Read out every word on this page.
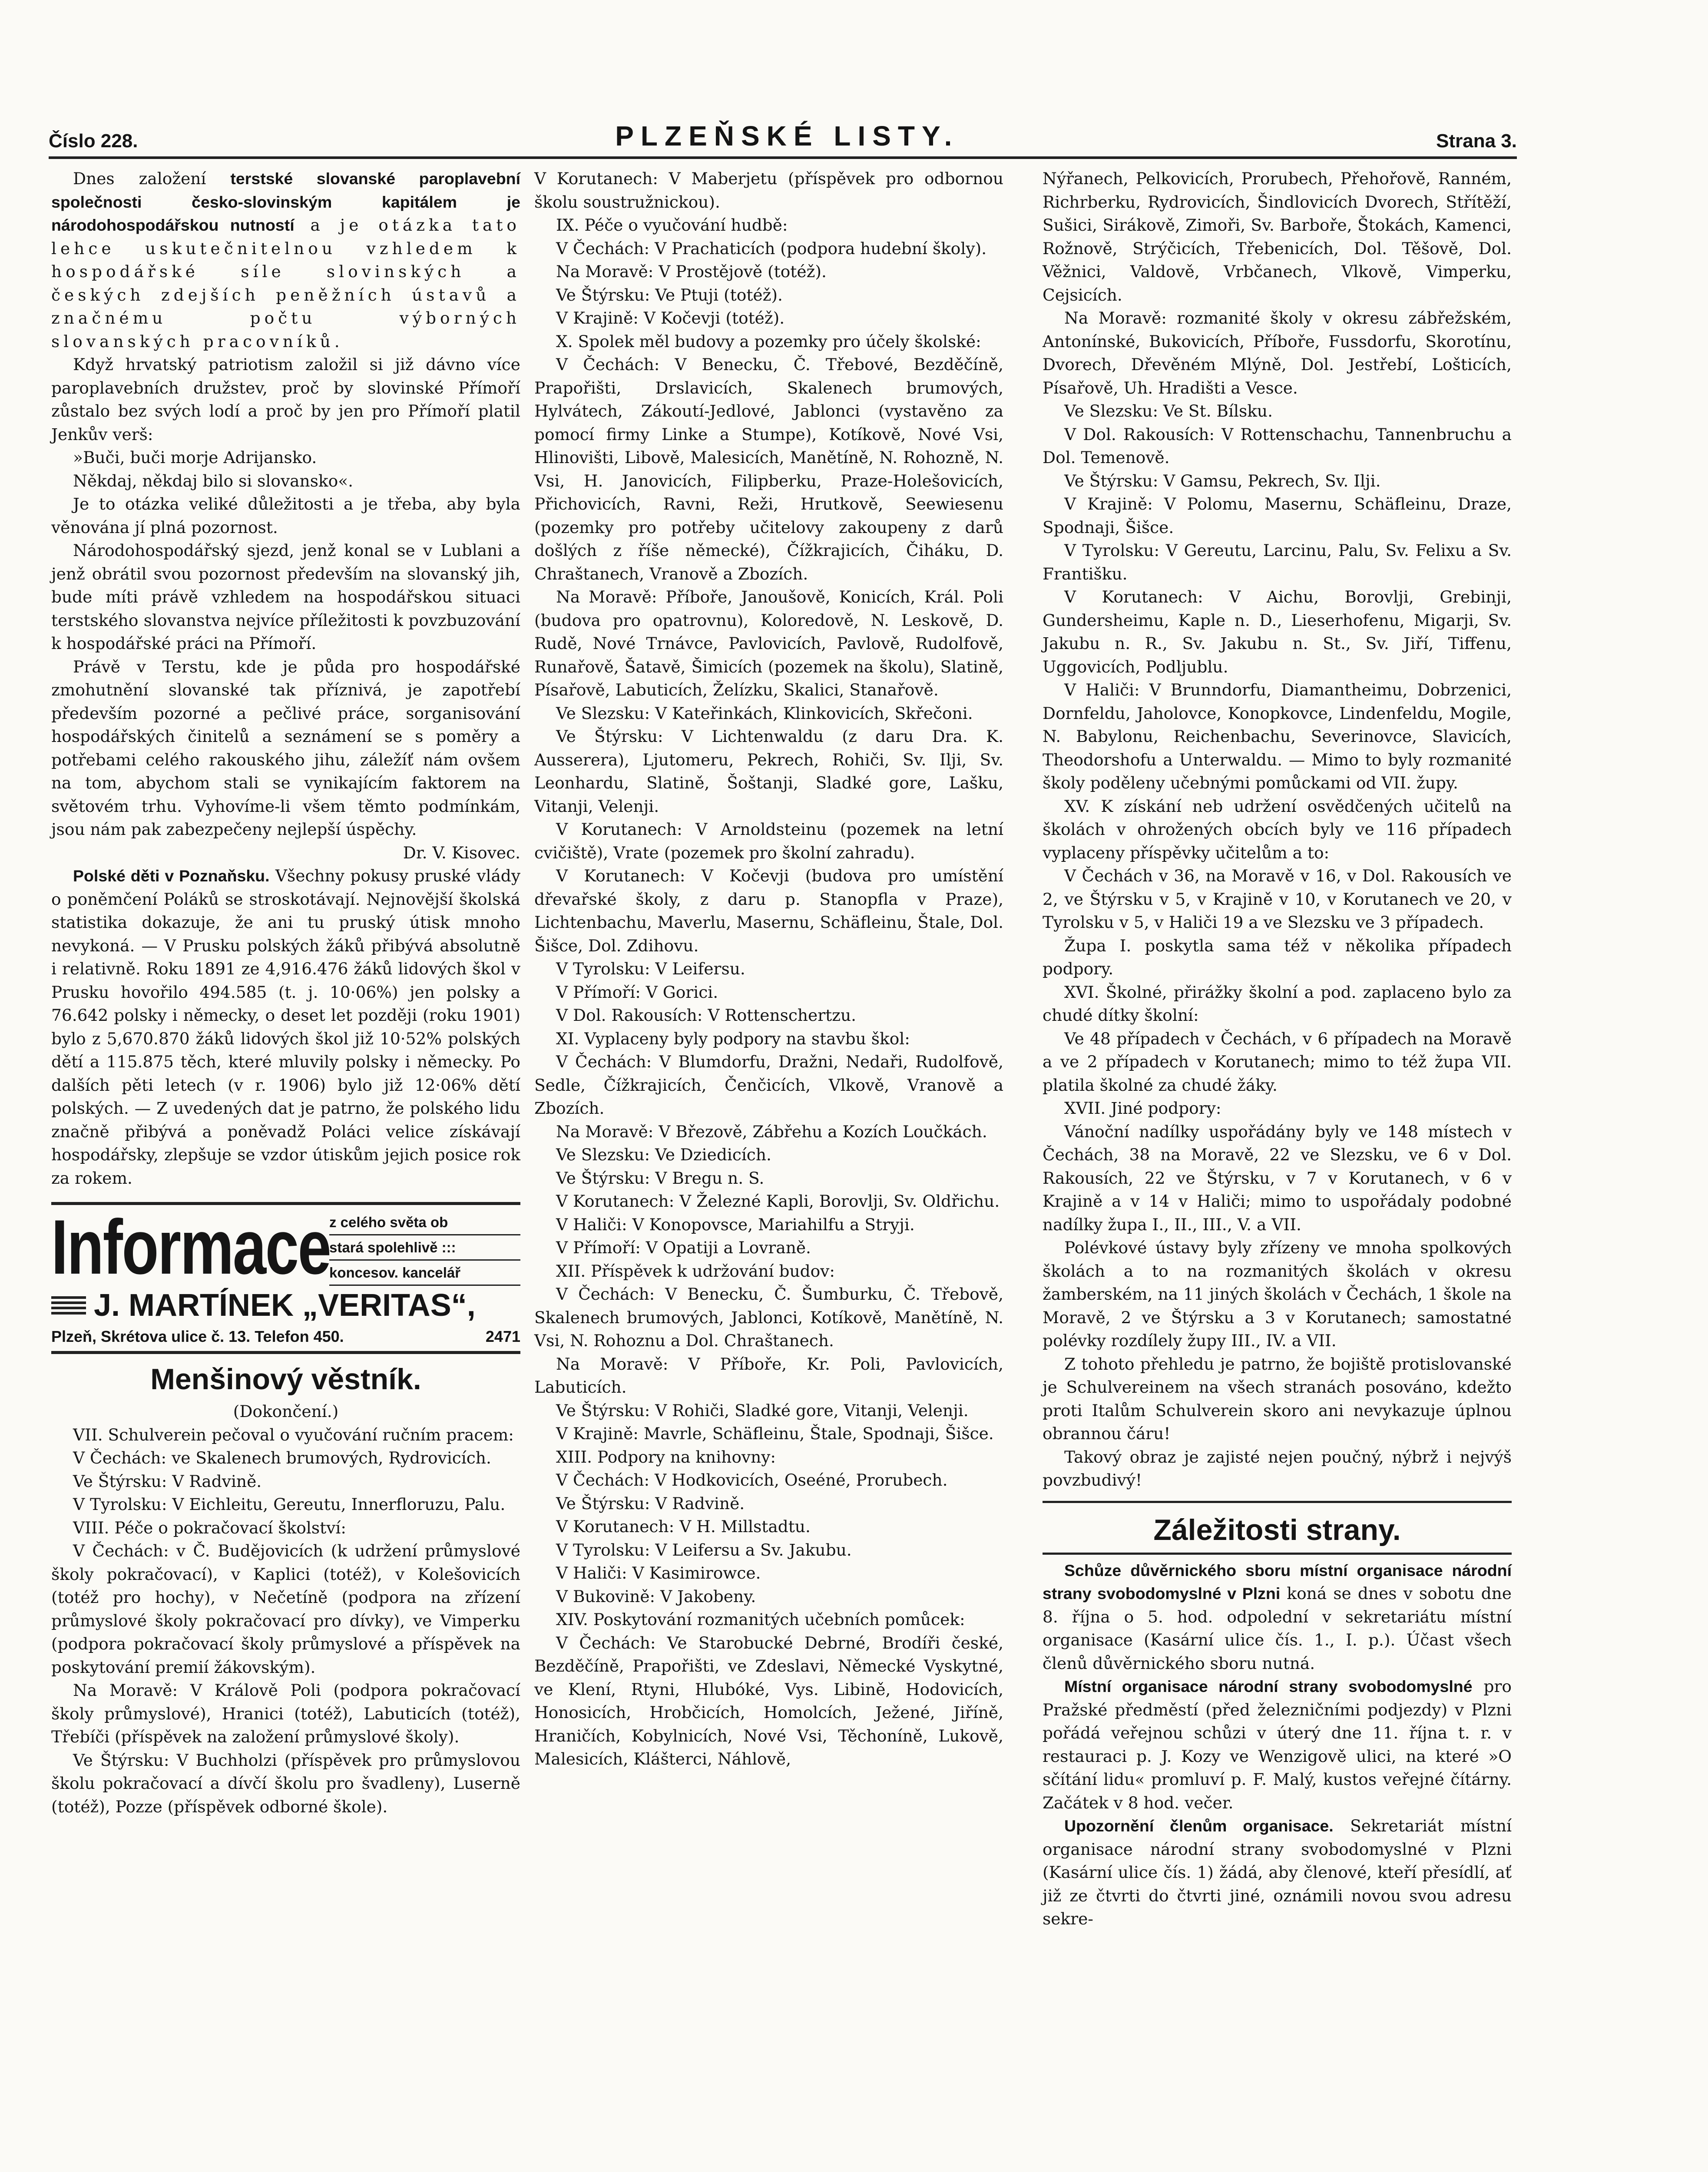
Číslo 228.	PLZEŇSKÉ LISTY.	Strana 3.

Dnes založení terstské slovanské paroplavební společnosti česko-slovinským kapitálem je národohospodářskou nutností a je otázka tato lehce uskutečnitelnou vzhledem k hospodářské síle slovinských a českých zdejších peněžních ústavů a značnému počtu výborných slovanských pracovníků.

Když hrvatský patriotism založil si již dávno více paroplavebních družstev, proč by slovinské Přímoří zůstalo bez svých lodí a proč by jen pro Přímoří platil Jenkův verš:

»Buči, buči morje Adrijansko.

Někdaj, někdaj bilo si slovansko«.

Je to otázka veliké důležitosti a je třeba, aby byla věnována jí plná pozornost.

Národohospodářský sjezd, jenž konal se v Lublani a jenž obrátil svou pozornost především na slovanský jih, bude míti právě vzhledem na hospodářskou situaci terstského slovanstva nejvíce příležitosti k povzbuzování k hospodářské práci na Přímoří.

Právě v Terstu, kde je půda pro hospodářské zmohutnění slovanské tak příznivá, je zapotřebí především pozorné a pečlivé práce, sorganisování hospodářských činitelů a seznámení se s poměry a potřebami celého rakouského jihu, záležíť nám ovšem na tom, abychom stali se vynikajícím faktorem na světovém trhu. Vyhovíme-li všem těmto podmínkám, jsou nám pak zabezpečeny nejlepší úspěchy.

Dr. V. Kisovec.

Polské děti v Poznaňsku. Všechny pokusy pruské vlády o poněmčení Poláků se stroskotávají. Nejnovější školská statistika dokazuje, že ani tu pruský útisk mnoho nevykoná. — V Prusku polských žáků přibývá absolutně i relativně. Roku 1891 ze 4,916.476 žáků lidových škol v Prusku hovořilo 494.585 (t. j. 10·06%) jen polsky a 76.642 polsky i německy, o deset let později (roku 1901) bylo z 5,670.870 žáků lidových škol již 10·52% polských dětí a 115.875 těch, které mluvily polsky i německy. Po dalších pěti letech (v r. 1906) bylo již 12·06% dětí polských. — Z uvedených dat je patrno, že polského lidu značně přibývá a poněvadž Poláci velice získávají hospodářsky, zlepšuje se vzdor útiskům jejich posice rok za rokem.

Informace
z celého světa ob
stará spolehlivě :::
koncesov. kancelář
J. MARTÍNEK „VERITAS“,
Plzeň, Skrétova ulice č. 13. Telefon 450.	2471
Menšinový věstník.

(Dokončení.)

VII. Schulverein pečoval o vyučování ručním pracem:

V Čechách: ve Skalenech brumových, Rydrovicích.

Ve Štýrsku: V Radvině.

V Tyrolsku: V Eichleitu, Gereutu, Innerfloruzu, Palu.

VIII. Péče o pokračovací školství:

V Čechách: v Č. Budějovicích (k udržení průmyslové školy pokračovací), v Kaplici (totéž), v Kolešovicích (totéž pro hochy), v Nečetíně (podpora na zřízení průmyslové školy pokračovací pro dívky), ve Vimperku (podpora pokračovací školy průmyslové a příspěvek na poskytování premií žákovským).

Na Moravě: V Králově Poli (podpora pokračovací školy průmyslové), Hranici (totéž), Labuticích (totéž), Třebíči (příspěvek na založení průmyslové školy).

Ve Štýrsku: V Buchholzi (příspěvek pro průmyslovou školu pokračovací a dívčí školu pro švadleny), Luserně (totéž), Pozze (příspěvek odborné škole).

V Korutanech: V Maberjetu (příspěvek pro odbornou školu soustružnickou).

IX. Péče o vyučování hudbě:

V Čechách: V Prachaticích (podpora hudební školy).

Na Moravě: V Prostějově (totéž).

Ve Štýrsku: Ve Ptuji (totéž).

V Krajině: V Kočevji (totéž).

X. Spolek měl budovy a pozemky pro účely školské:

V Čechách: V Benecku, Č. Třebové, Bezděčíně, Prapořišti, Drslavicích, Skalenech brumových, Hylvátech, Zákoutí-Jedlové, Jablonci (vystavěno za pomocí firmy Linke a Stumpe), Kotíkově, Nové Vsi, Hlinovišti, Libově, Malesicích, Manětíně, N. Rohozně, N. Vsi, H. Janovicích, Filipberku, Praze-Holešovicích, Přichovicích, Ravni, Reži, Hrutkově, Seewiesenu (pozemky pro potřeby učitelovy zakoupeny z darů došlých z říše německé), Čížkrajicích, Čiháku, D. Chraštanech, Vranově a Zbozích.

Na Moravě: Příboře, Janoušově, Konicích, Král. Poli (budova pro opatrovnu), Koloredově, N. Leskově, D. Rudě, Nové Trnávce, Pavlovicích, Pavlově, Rudolfově, Runařově, Šatavě, Šimicích (pozemek na školu), Slatině, Písařově, Labuticích, Želízku, Skalici, Stanařově.

Ve Slezsku: V Kateřinkách, Klinkovicích, Skřečoni.

Ve Štýrsku: V Lichtenwaldu (z daru Dra. K. Ausserera), Ljutomeru, Pekrech, Rohiči, Sv. Ilji, Sv. Leonhardu, Slatině, Šoštanji, Sladké gore, Lašku, Vitanji, Velenji.

V Korutanech: V Arnoldsteinu (pozemek na letní cvičiště), Vrate (pozemek pro školní zahradu).

V Korutanech: V Kočevji (budova pro umístění dřevařské školy, z daru p. Stanopfla v Praze), Lichtenbachu, Maverlu, Masernu, Schäfleinu, Štale, Dol. Šišce, Dol. Zdihovu.

V Tyrolsku: V Leifersu.

V Přímoří: V Gorici.

V Dol. Rakousích: V Rottenschertzu.

XI. Vyplaceny byly podpory na stavbu škol:

V Čechách: V Blumdorfu, Dražni, Nedaři, Rudolfově, Sedle, Čížkrajicích, Čenčicích, Vlkově, Vranově a Zbozích.

Na Moravě: V Březově, Zábřehu a Kozích Loučkách.

Ve Slezsku: Ve Dziedicích.

Ve Štýrsku: V Bregu n. S.

V Korutanech: V Železné Kapli, Borovlji, Sv. Oldřichu.

V Haliči: V Konopovsce, Mariahilfu a Stryji.

V Přímoří: V Opatiji a Lovraně.

XII. Příspěvek k udržování budov:

V Čechách: V Benecku, Č. Šumburku, Č. Třebově, Skalenech brumových, Jablonci, Kotíkově, Manětíně, N. Vsi, N. Rohoznu a Dol. Chraštanech.

Na Moravě: V Příboře, Kr. Poli, Pavlovicích, Labuticích.

Ve Štýrsku: V Rohiči, Sladké gore, Vitanji, Velenji.

V Krajině: Mavrle, Schäfleinu, Štale, Spodnaji, Šišce.

XIII. Podpory na knihovny:

V Čechách: V Hodkovicích, Oseéné, Prorubech.

Ve Štýrsku: V Radvině.

V Korutanech: V H. Millstadtu.

V Tyrolsku: V Leifersu a Sv. Jakubu.

V Haliči: V Kasimirowce.

V Bukovině: V Jakobeny.

XIV. Poskytování rozmanitých učebních pomůcek:

V Čechách: Ve Starobucké Debrné, Brodíři české, Bezděčíně, Prapořišti, ve Zdeslavi, Německé Vyskytné, ve Klení, Rtyni, Hlubóké, Vys. Libině, Hodovicích, Honosicích, Hrobčicích, Homolcích, Ježené, Jiříně, Hraničích, Kobylnicích, Nové Vsi, Těchoníně, Lukově, Malesicích, Klášterci, Náhlově,

Nýřanech, Pelkovicích, Prorubech, Přehořově, Ranném, Richrberku, Rydrovicích, Šindlovicích Dvorech, Střítěží, Sušici, Sirákově, Zimoři, Sv. Barboře, Štokách, Kamenci, Rožnově, Strýčicích, Třebenicích, Dol. Těšově, Dol. Věžnici, Valdově, Vrbčanech, Vlkově, Vimperku, Cejsicích.

Na Moravě: rozmanité školy v okresu zábřežském, Antonínské, Bukovicích, Příboře, Fussdorfu, Skorotínu, Dvorech, Dřevěném Mlýně, Dol. Jestřebí, Lošticích, Písařově, Uh. Hradišti a Vesce.

Ve Slezsku: Ve St. Bílsku.

V Dol. Rakousích: V Rottenschachu, Tannenbruchu a Dol. Temenově.

Ve Štýrsku: V Gamsu, Pekrech, Sv. Ilji.

V Krajině: V Polomu, Masernu, Schäfleinu, Draze, Spodnaji, Šišce.

V Tyrolsku: V Gereutu, Larcinu, Palu, Sv. Felixu a Sv. Františku.

V Korutanech: V Aichu, Borovlji, Grebinji, Gundersheimu, Kaple n. D., Lieserhofenu, Migarji, Sv. Jakubu n. R., Sv. Jakubu n. St., Sv. Jiří, Tiffenu, Uggovicích, Podljublu.

V Haliči: V Brunndorfu, Diamantheimu, Dobrzenici, Dornfeldu, Jaholovce, Konopkovce, Lindenfeldu, Mogile, N. Babylonu, Reichenbachu, Severinovce, Slavicích, Theodorshofu a Unterwaldu. — Mimo to byly rozmanité školy poděleny učebnými pomůckami od VII. župy.

XV. K získání neb udržení osvědčených učitelů na školách v ohrožených obcích byly ve 116 případech vyplaceny příspěvky učitelům a to:

V Čechách v 36, na Moravě v 16, v Dol. Rakousích ve 2, ve Štýrsku v 5, v Krajině v 10, v Korutanech ve 20, v Tyrolsku v 5, v Haliči 19 a ve Slezsku ve 3 případech.

Župa I. poskytla sama též v několika případech podpory.

XVI. Školné, přirážky školní a pod. zaplaceno bylo za chudé dítky školní:

Ve 48 případech v Čechách, v 6 případech na Moravě a ve 2 případech v Korutanech; mimo to též župa VII. platila školné za chudé žáky.

XVII. Jiné podpory:

Vánoční nadílky uspořádány byly ve 148 místech v Čechách, 38 na Moravě, 22 ve Slezsku, ve 6 v Dol. Rakousích, 22 ve Štýrsku, v 7 v Korutanech, v 6 v Krajině a v 14 v Haliči; mimo to uspořádaly podobné nadílky župa I., II., III., V. a VII.

Polévkové ústavy byly zřízeny ve mnoha spolkových školách a to na rozmanitých školách v okresu žamberském, na 11 jiných školách v Čechách, 1 škole na Moravě, 2 ve Štýrsku a 3 v Korutanech; samostatné polévky rozdílely župy III., IV. a VII.

Z tohoto přehledu je patrno, že bojiště protislovanské je Schulvereinem na všech stranách posováno, kdežto proti Italům Schulverein skoro ani nevykazuje úplnou obrannou čáru!

Takový obraz je zajisté nejen poučný, nýbrž i nejvýš povzbudivý!

Záležitosti strany.

Schůze důvěrnického sboru místní organisace národní strany svobodomyslné v Plzni koná se dnes v sobotu dne 8. října o 5. hod. odpolední v sekretariátu místní organisace (Kasární ulice čís. 1., I. p.). Účast všech členů důvěrnického sboru nutná.

Místní organisace národní strany svobodomyslné pro Pražské předměstí (před železničními podjezdy) v Plzni pořádá veřejnou schůzi v úterý dne 11. října t. r. v restauraci p. J. Kozy ve Wenzigově ulici, na které »O sčítání lidu« promluví p. F. Malý, kustos veřejné čítárny. Začátek v 8 hod. večer.

Upozornění členům organisace. Sekretariát místní organisace národní strany svobodomyslné v Plzni (Kasární ulice čís. 1) žádá, aby členové, kteří přesídlí, ať již ze čtvrti do čtvrti jiné, oznámili novou svou adresu sekre-
